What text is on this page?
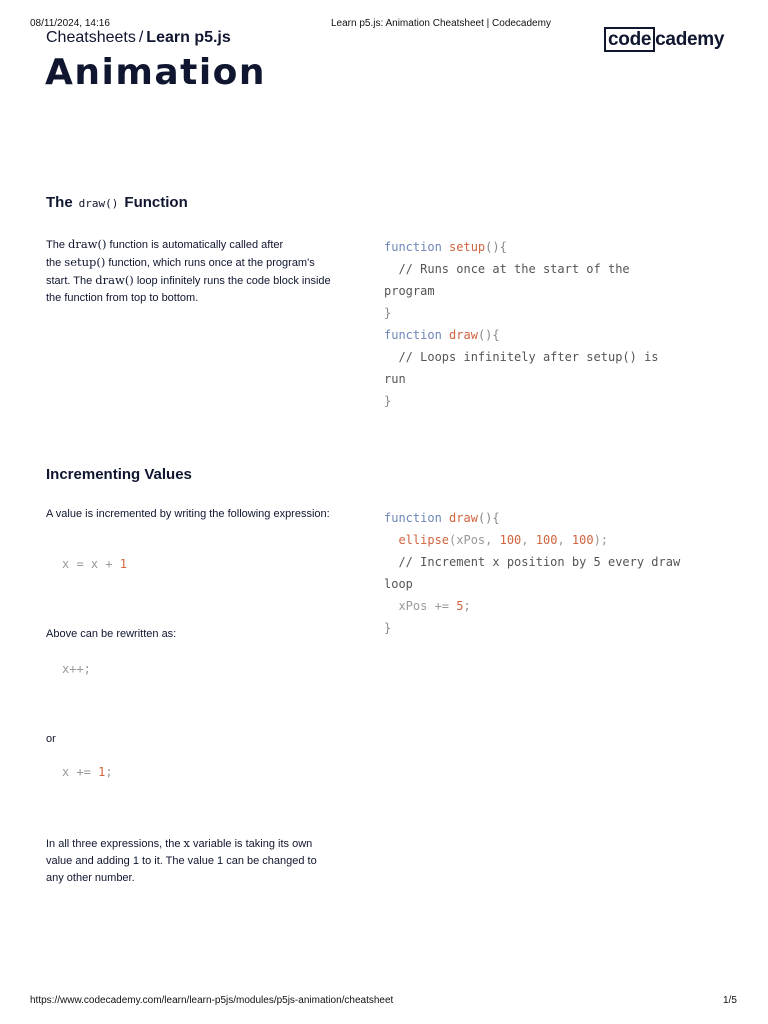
08/11/2024, 14:16	Learn p5.js: Animation Cheatsheet | Codecademy
Cheatsheets / Learn p5.js	code cademy
Animation
The draw() Function
The draw() function is automatically called after the setup() function, which runs once at the program's start. The draw() loop infinitely runs the code block inside the function from top to bottom.
function setup(){
// Runs once at the start of the
program
}
function draw(){
// Loops infinitely after setup() is
run
}
Incrementing Values
A value is incremented by writing the following expression:
x = x + 1
Above can be rewritten as:
x++;
or
x += 1;
In all three expressions, the x variable is taking its own value and adding 1 to it. The value 1 can be changed to any other number.
function draw(){
ellipse(xPos, 100, 100, 100);
// Increment x position by 5 every draw
loop
xPos += 5;
}
https://www.codecademy.com/learn/learn-p5js/modules/p5js-animation/cheatsheet	1/5
